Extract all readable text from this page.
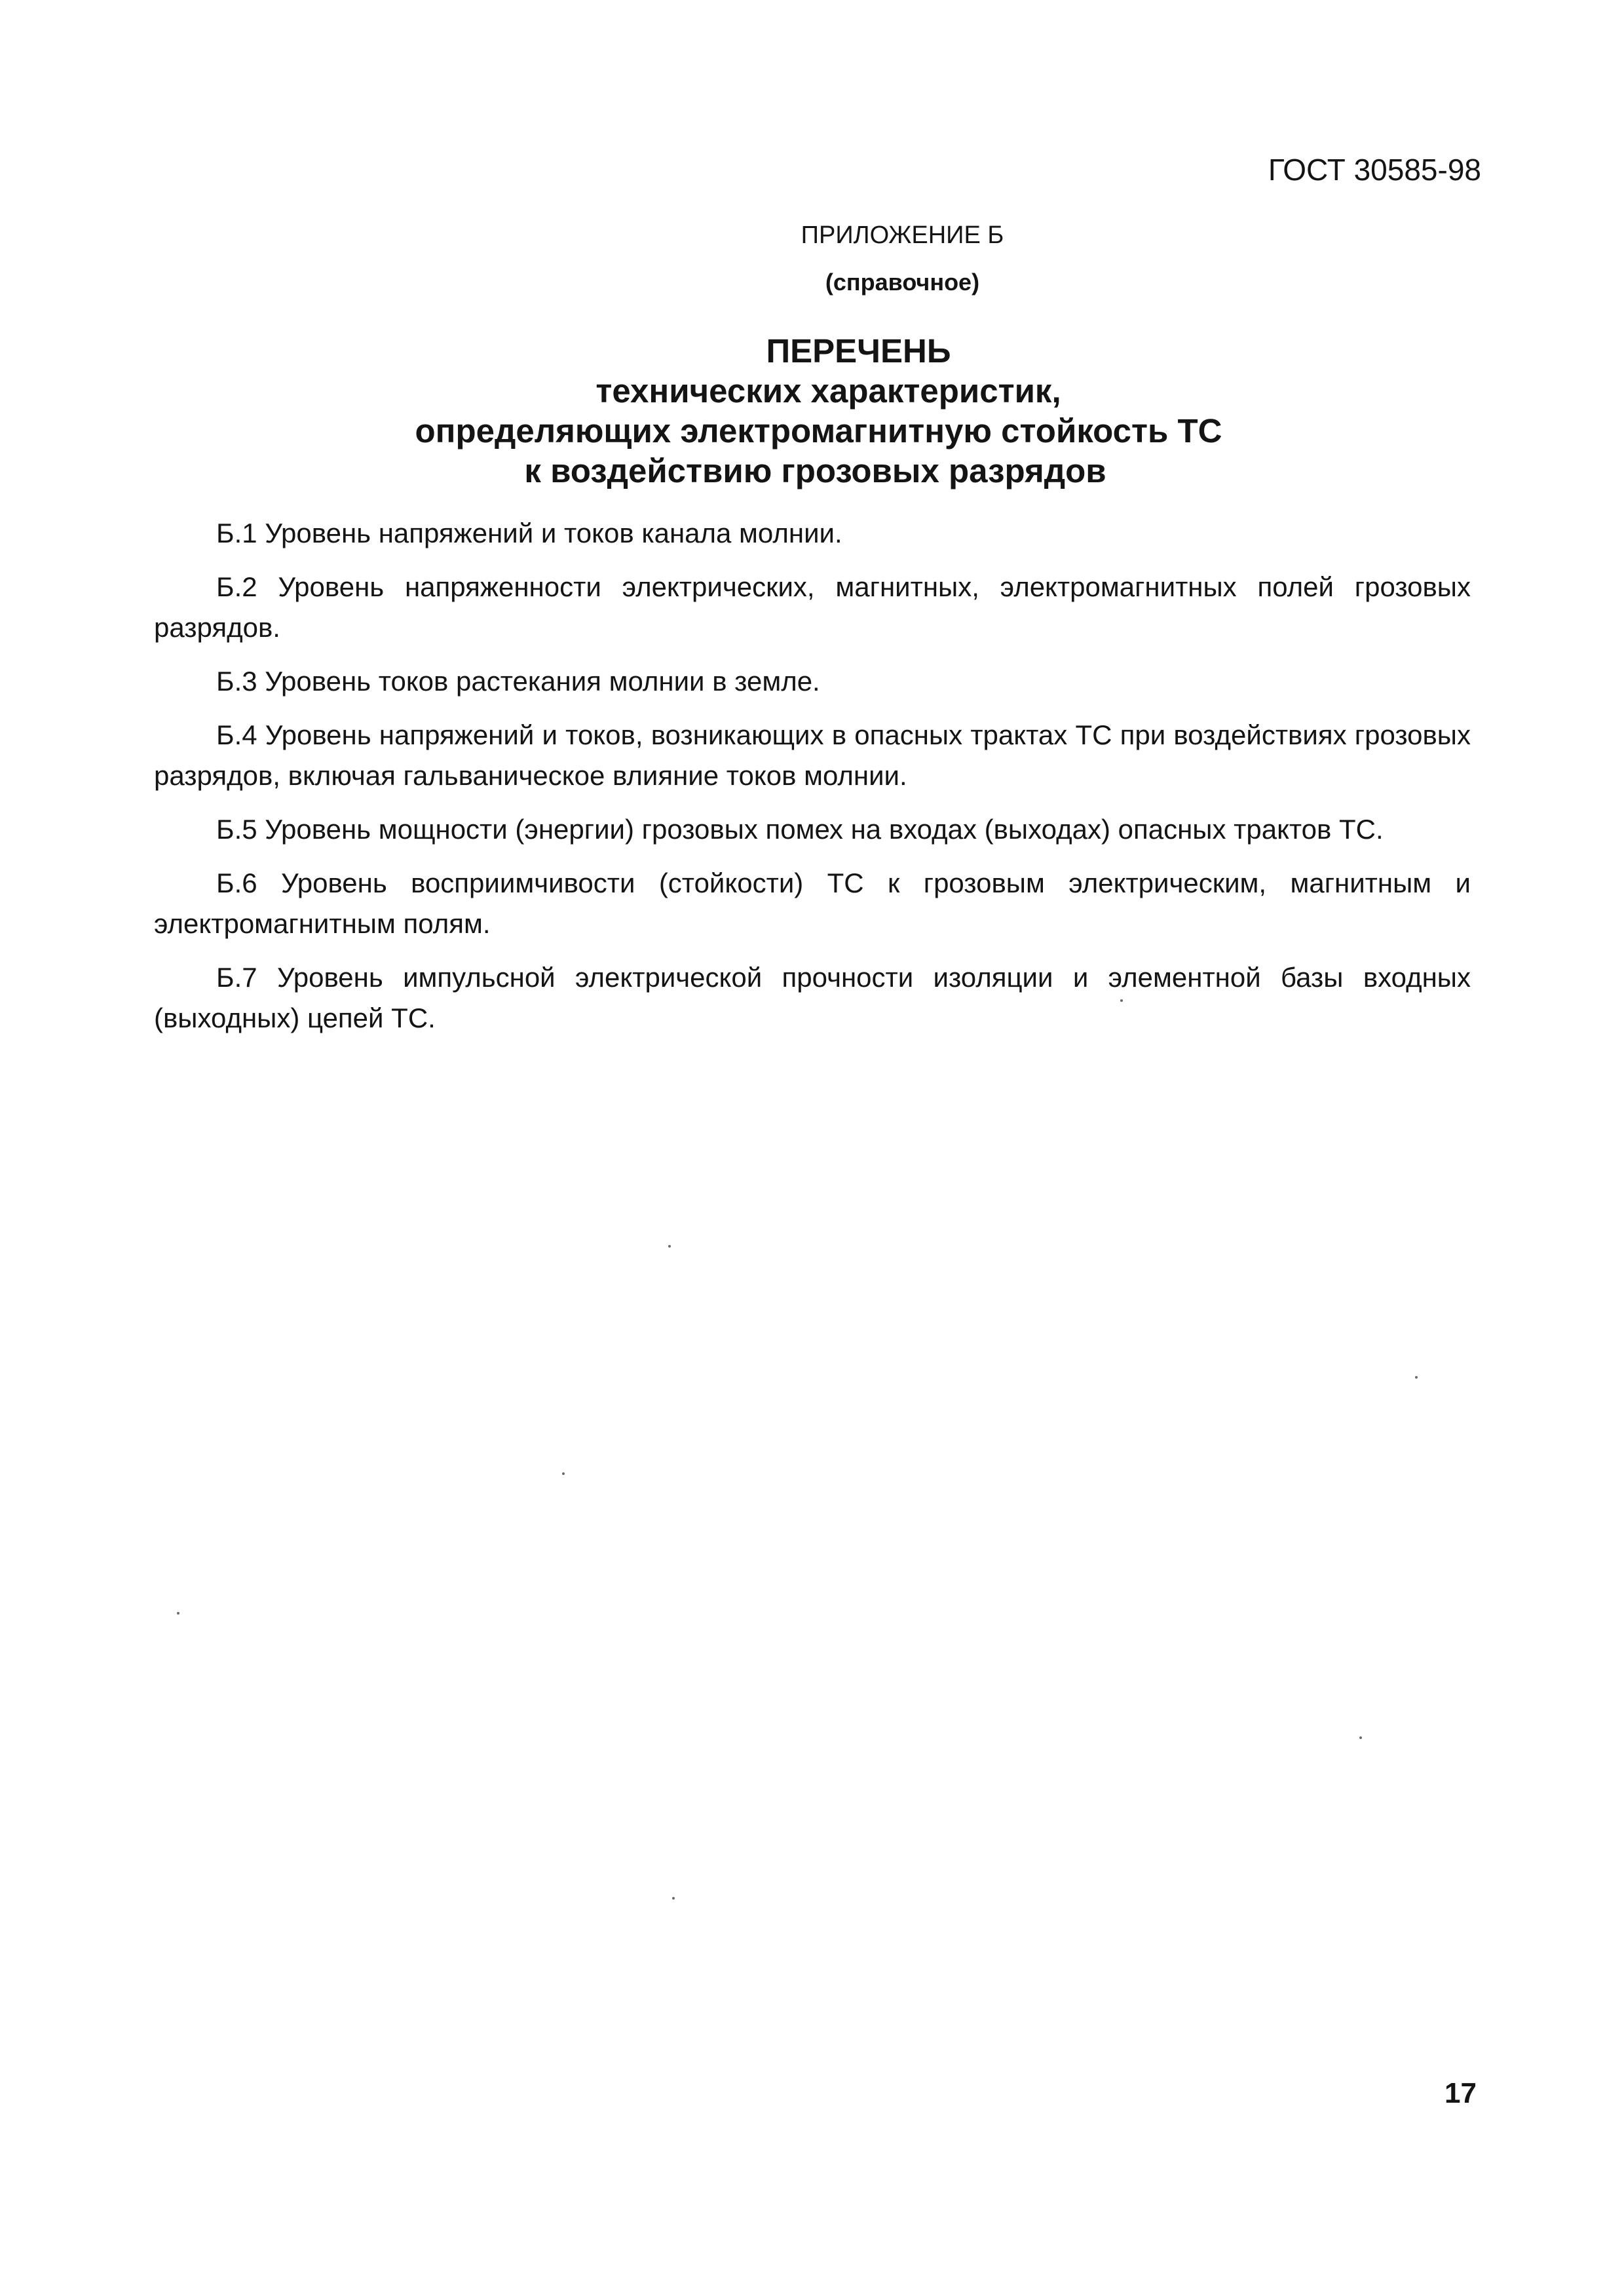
ГОСТ 30585-98

ПРИЛОЖЕНИЕ Б

(справочное)

ПЕРЕЧЕНЬ
технических характеристик,
определяющих электромагнитную стойкость ТС
к воздействию грозовых разрядов
Б.1 Уровень напряжений и токов канала молнии.
Б.2 Уровень напряженности электрических, магнитных, электромагнитных полей грозовых разрядов.
Б.3 Уровень токов растекания молнии в земле.
Б.4 Уровень напряжений и токов, возникающих в опасных трактах ТС при воздействиях грозовых разрядов, включая гальваническое влияние токов молнии.
Б.5 Уровень мощности (энергии) грозовых помех на входах (выходах) опасных трактов ТС.
Б.6 Уровень восприимчивости (стойкости) ТС к грозовым электрическим, магнитным и электромагнитным полям.
Б.7 Уровень импульсной электрической прочности изоляции и элементной базы входных (выходных) цепей ТС.

17
